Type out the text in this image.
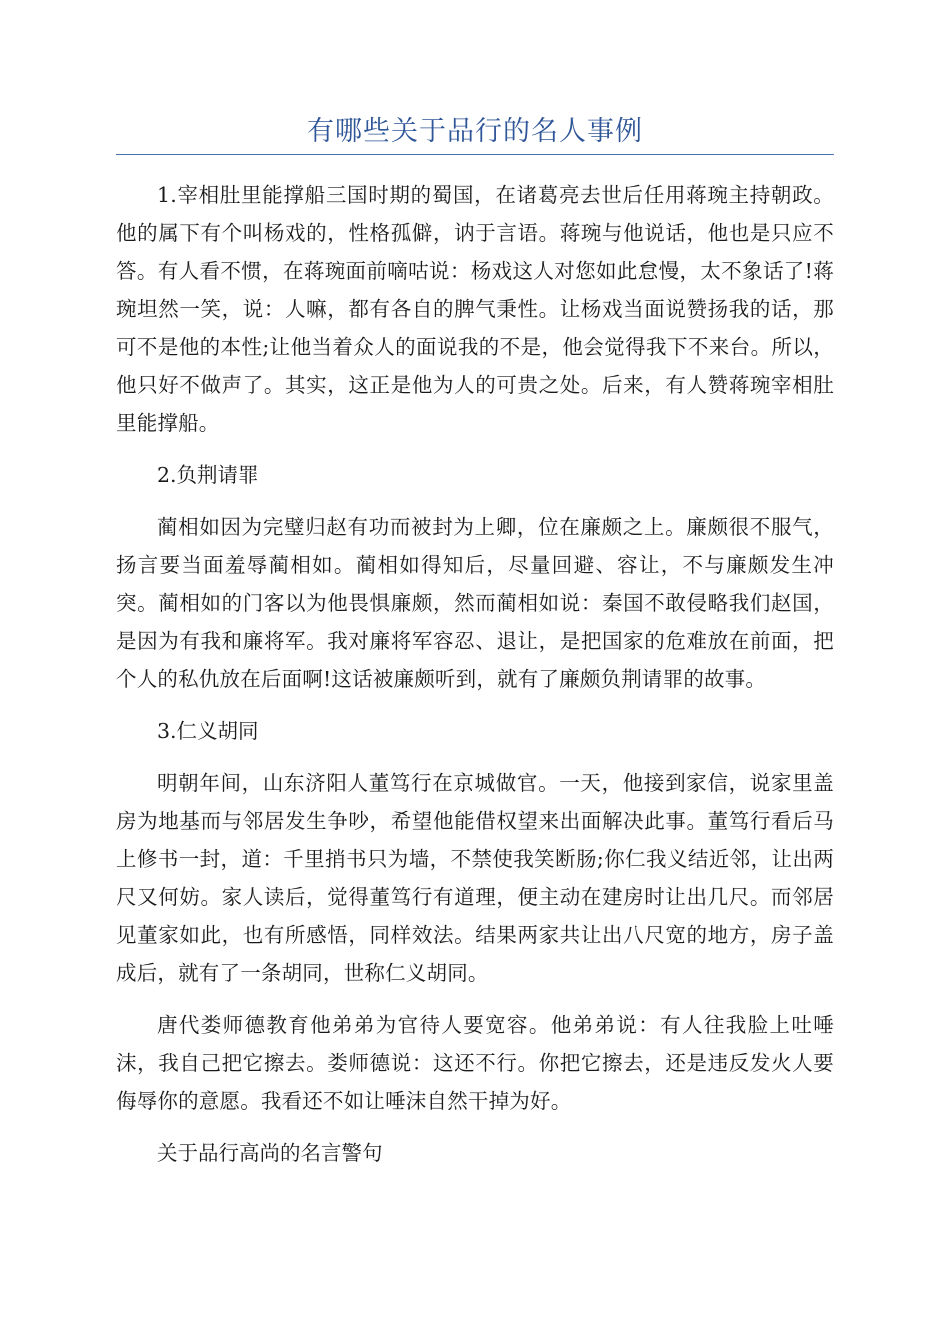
有哪些关于品行的名人事例

1.宰相肚里能撑船三国时期的蜀国，在诸葛亮去世后任用蒋琬主持朝政。他的属下有个叫杨戏的，性格孤僻，讷于言语。蒋琬与他说话，他也是只应不答。有人看不惯，在蒋琬面前嘀咕说：杨戏这人对您如此怠慢，太不象话了!蒋琬坦然一笑，说：人嘛，都有各自的脾气秉性。让杨戏当面说赞扬我的话，那可不是他的本性;让他当着众人的面说我的不是，他会觉得我下不来台。所以，他只好不做声了。其实，这正是他为人的可贵之处。后来，有人赞蒋琬宰相肚里能撑船。

2.负荆请罪

蔺相如因为完璧归赵有功而被封为上卿，位在廉颇之上。廉颇很不服气，扬言要当面羞辱蔺相如。蔺相如得知后，尽量回避、容让，不与廉颇发生冲突。蔺相如的门客以为他畏惧廉颇，然而蔺相如说：秦国不敢侵略我们赵国，是因为有我和廉将军。我对廉将军容忍、退让，是把国家的危难放在前面，把个人的私仇放在后面啊!这话被廉颇听到，就有了廉颇负荆请罪的故事。

3.仁义胡同

明朝年间，山东济阳人董笃行在京城做官。一天，他接到家信，说家里盖房为地基而与邻居发生争吵，希望他能借权望来出面解决此事。董笃行看后马上修书一封，道：千里捎书只为墙，不禁使我笑断肠;你仁我义结近邻，让出两尺又何妨。家人读后，觉得董笃行有道理，便主动在建房时让出几尺。而邻居见董家如此，也有所感悟，同样效法。结果两家共让出八尺宽的地方，房子盖成后，就有了一条胡同，世称仁义胡同。

唐代娄师德教育他弟弟为官待人要宽容。他弟弟说：有人往我脸上吐唾沫，我自己把它擦去。娄师德说：这还不行。你把它擦去，还是违反发火人要侮辱你的意愿。我看还不如让唾沫自然干掉为好。

关于品行高尚的名言警句
